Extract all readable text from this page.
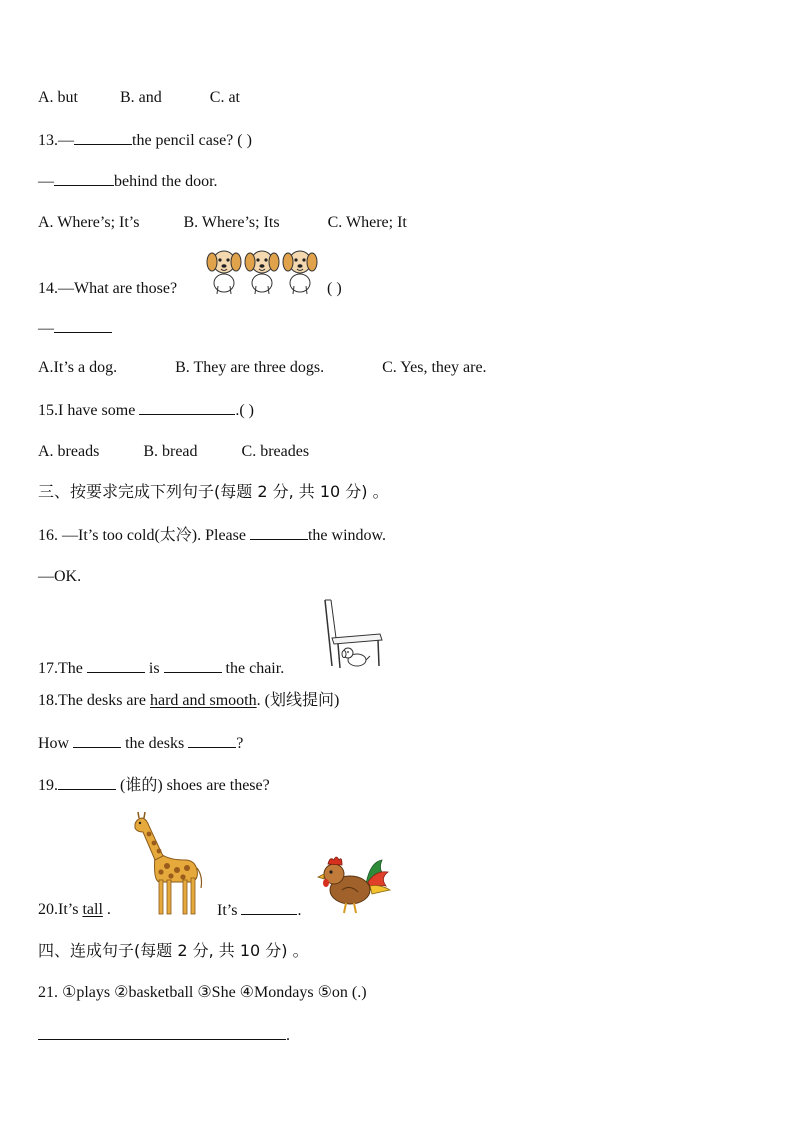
A. but	B. and	C. at
13.—	the pencil case? ( )
—	behind the door.
A. Where’s; It’s	B. Where’s; Its	C. Where; It
14.—What are those?	( )
—
A.It’s a dog.	B. They are three dogs.	C. Yes, they are.
15.I have some	.( )
A. breads	B. bread	C. breades
三、按要求完成下列句子(每题 2 分, 共 10 分) 。
16. —It’s too cold(太冷). Please	the window.
—OK.
17.The	is	the chair.
18.The desks are hard and smooth. (划线提问)
How	the desks	?
19.	(谁的) shoes are these?
20.It’s tall .	It’s	.
四、连成句子(每题 2 分, 共 10 分) 。
21. ①plays ②basketball ③She ④Mondays ⑤on (.)
.
